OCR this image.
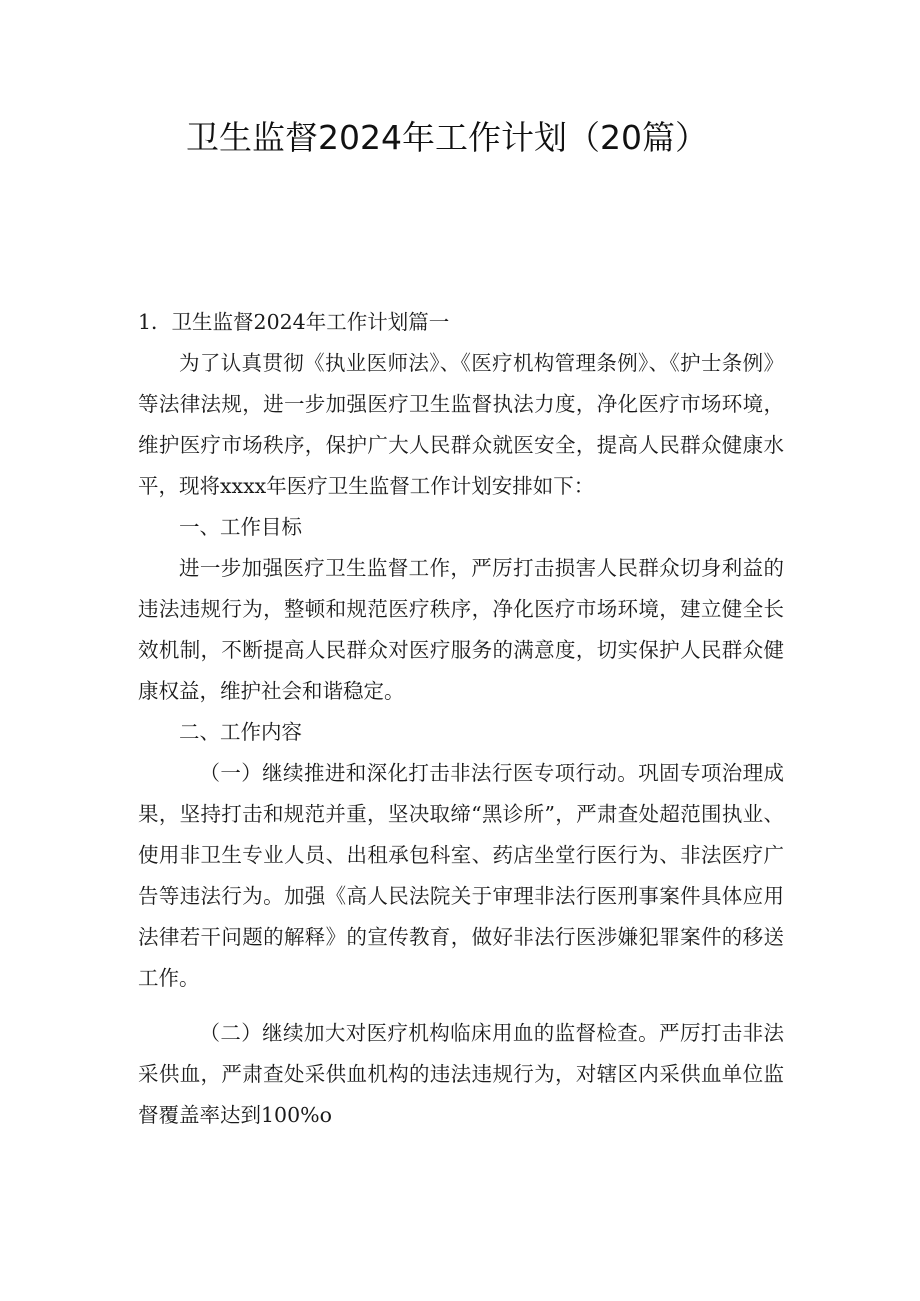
卫生监督2024年工作计划（20篇）

1．卫生监督2024年工作计划篇一

为了认真贯彻《执业医师法》、《医疗机构管理条例》、《护士条例》等法律法规，进一步加强医疗卫生监督执法力度，净化医疗市场环境，维护医疗市场秩序，保护广大人民群众就医安全，提高人民群众健康水平，现将xxxx年医疗卫生监督工作计划安排如下：

一、工作目标

进一步加强医疗卫生监督工作，严厉打击损害人民群众切身利益的违法违规行为，整顿和规范医疗秩序，净化医疗市场环境，建立健全长效机制，不断提高人民群众对医疗服务的满意度，切实保护人民群众健康权益，维护社会和谐稳定。

二、工作内容

（一）继续推进和深化打击非法行医专项行动。巩固专项治理成果，坚持打击和规范并重，坚决取缔“黑诊所”，严肃查处超范围执业、使用非卫生专业人员、出租承包科室、药店坐堂行医行为、非法医疗广告等违法行为。加强《高人民法院关于审理非法行医刑事案件具体应用法律若干问题的解释》的宣传教育，做好非法行医涉嫌犯罪案件的移送工作。

（二）继续加大对医疗机构临床用血的监督检查。严厉打击非法采供血，严肃查处采供血机构的违法违规行为，对辖区内采供血单位监督覆盖率达到100%o
